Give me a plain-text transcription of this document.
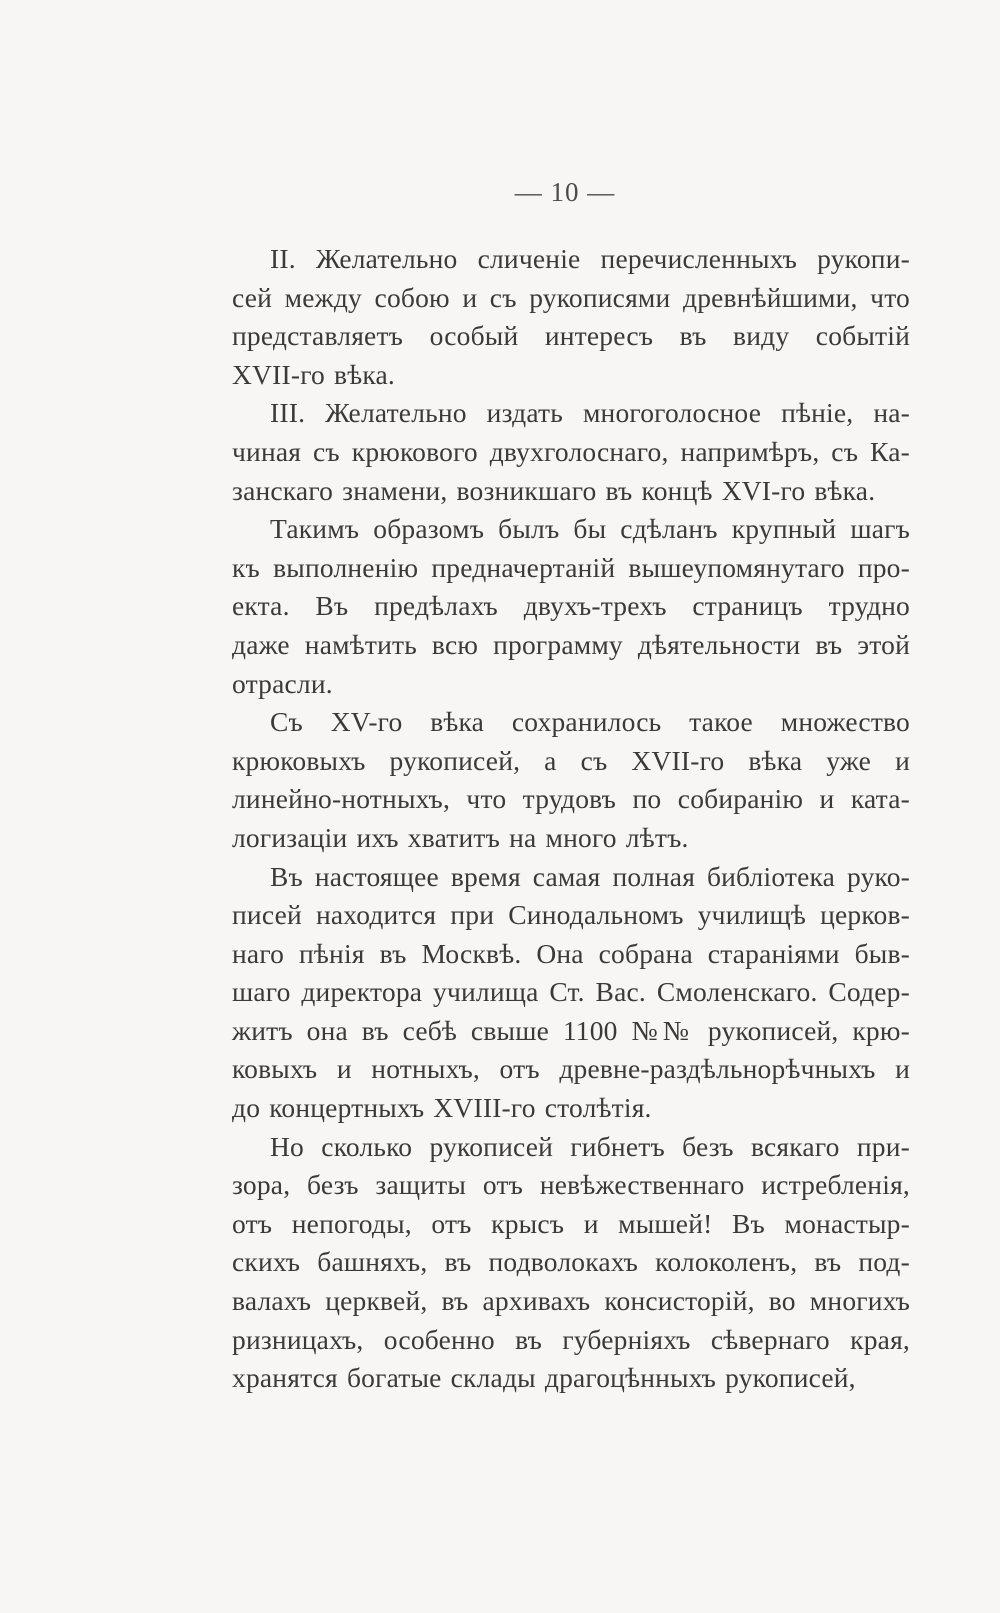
— 10 —
II. Желательно сличеніе перечисленныхъ рукопи-
сей между собою и съ рукописями древнѣйшими, что
представляетъ особый интересъ въ виду событій
XVII-го вѣка.
III. Желательно издать многоголосное пѣніе, на-
чиная съ крюкового двухголоснаго, напримѣръ, съ Ка-
занскаго знамени, возникшаго въ концѣ XVI-го вѣка.
Такимъ образомъ былъ бы сдѣланъ крупный шагъ
къ выполненію предначертаній вышеупомянутаго про-
екта. Въ предѣлахъ двухъ-трехъ страницъ трудно
даже намѣтить всю программу дѣятельности въ этой
отрасли.
Съ XV-го вѣка сохранилось такое множество
крюковыхъ рукописей, а съ XVII-го вѣка уже и
линейно-нотныхъ, что трудовъ по собиранію и ката-
логизаціи ихъ хватитъ на много лѣтъ.
Въ настоящее время самая полная библіотека руко-
писей находится при Синодальномъ училищѣ церков-
наго пѣнія въ Москвѣ. Она собрана стараніями быв-
шаго директора училища Ст. Вас. Смоленскаго. Содер-
житъ она въ себѣ свыше 1100 №№ рукописей, крю-
ковыхъ и нотныхъ, отъ древне-раздѣльнорѣчныхъ и
до концертныхъ XVIII-го столѣтія.
Но сколько рукописей гибнетъ безъ всякаго при-
зора, безъ защиты отъ невѣжественнаго истребленія,
отъ непогоды, отъ крысъ и мышей! Въ монастыр-
скихъ башняхъ, въ подволокахъ колоколенъ, въ под-
валахъ церквей, въ архивахъ консисторій, во многихъ
ризницахъ, особенно въ губерніяхъ сѣвернаго края,
хранятся богатые склады драгоцѣнныхъ рукописей,
